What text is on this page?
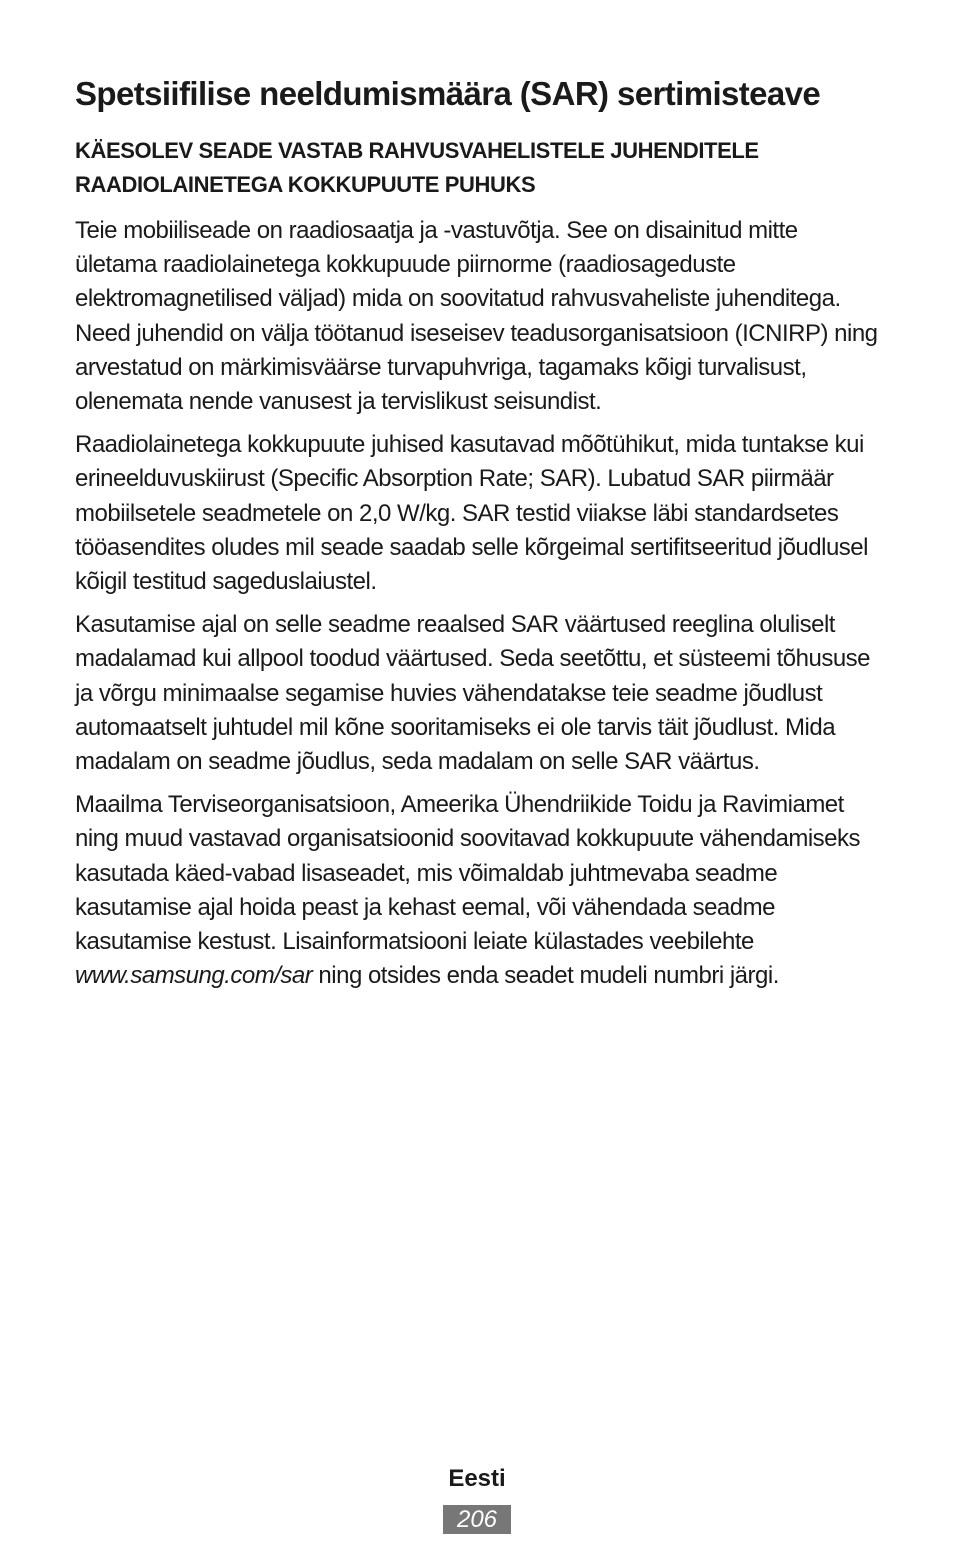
Spetsiifilise neeldumismäära (SAR) sertimisteave
KÄESOLEV SEADE VASTAB RAHVUSVAHELISTELE JUHENDITELE RAADIOLAINETEGA KOKKUPUUTE PUHUKS

Teie mobiiliseade on raadiosaatja ja -vastuvõtja. See on disainitud mitte ületama raadiolainetega kokkupuude piirnorme (raadiosageduste elektromagnetilised väljad) mida on soovitatud rahvusvaheliste juhenditega. Need juhendid on välja töötanud iseseisev teadusorganisatsioon (ICNIRP) ning arvestatud on märkimisväärse turvapuhvriga, tagamaks kõigi turvalisust, olenemata nende vanusest ja tervislikust seisundist.

Raadiolainetega kokkupuute juhised kasutavad mõõtühikut, mida tuntakse kui erineelduvuskiirust (Specific Absorption Rate; SAR). Lubatud SAR piirmäär mobiilsetele seadmetele on 2,0 W/kg. SAR testid viiakse läbi standardsetes tööasendites oludes mil seade saadab selle kõrgeimal sertifitseeritud jõudlusel kõigil testitud sageduslaiustel.

Kasutamise ajal on selle seadme reaalsed SAR väärtused reeglina oluliselt madalamad kui allpool toodud väärtused. Seda seetõttu, et süsteemi tõhususe ja võrgu minimaalse segamise huvies vähendatakse teie seadme jõudlust automaatselt juhtudel mil kõne sooritamiseks ei ole tarvis täit jõudlust. Mida madalam on seadme jõudlus, seda madalam on selle SAR väärtus.

Maailma Terviseorganisatsioon, Ameerika Ühendriikide Toidu ja Ravimiamet ning muud vastavad organisatsioonid soovitavad kokkupuute vähendamiseks kasutada käed-vabad lisaseadet, mis võimaldab juhtmevaba seadme kasutamise ajal hoida peast ja kehast eemal, või vähendada seadme kasutamise kestust. Lisainformatsiooni leiate külastades veebilehte www.samsung.com/sar ning otsides enda seadet mudeli numbri järgi.

Eesti
206
